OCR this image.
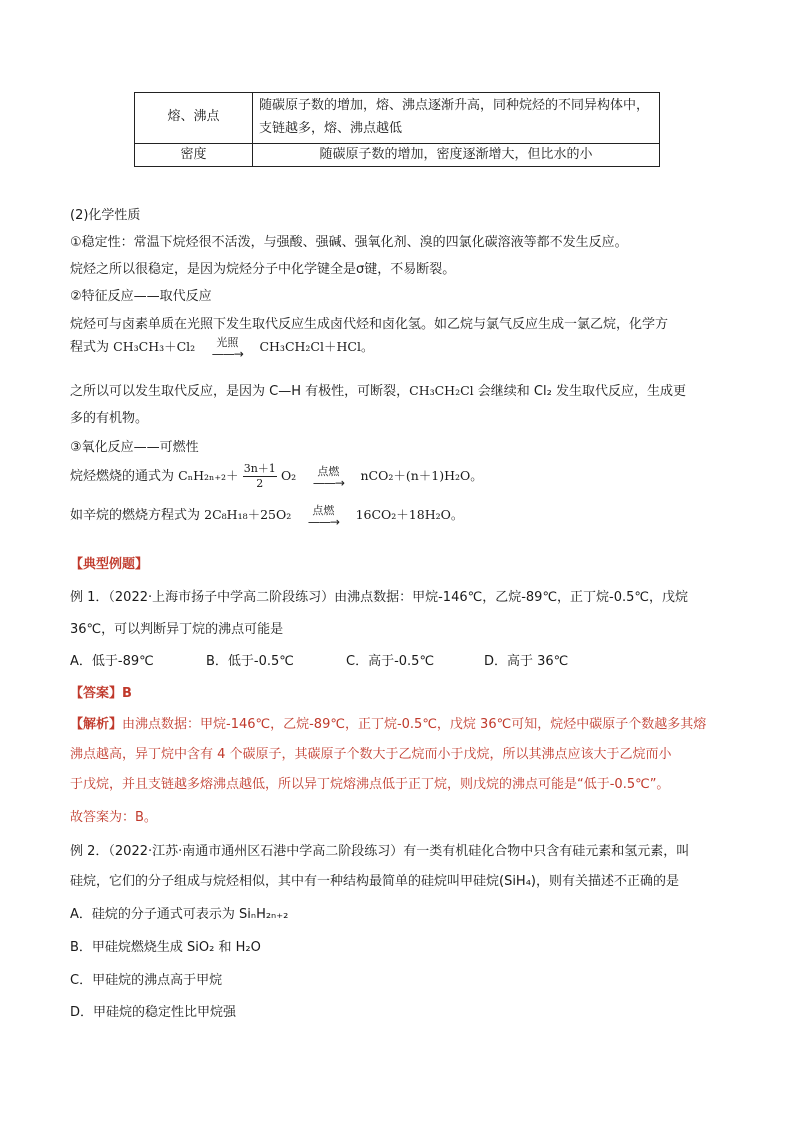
熔、沸点	随碳原子数的增加，熔、沸点逐渐升高，同种烷烃的不同异构体中，支链越多，熔、沸点越低
密度	随碳原子数的增加，密度逐渐增大，但比水的小
(2)化学性质
①稳定性：常温下烷烃很不活泼，与强酸、强碱、强氧化剂、溴的四氯化碳溶液等都不发生反应。
烷烃之所以很稳定，是因为烷烃分子中化学键全是σ键，不易断裂。
②特征反应——取代反应
烷烃可与卤素单质在光照下发生取代反应生成卤代烃和卤化氢。如乙烷与氯气反应生成一氯乙烷，化学方
程式为 CH₃CH₃＋Cl₂	光照
——→	CH₃CH₂Cl＋HCl。
之所以可以发生取代反应，是因为 C—H 有极性，可断裂，CH₃CH₂Cl 会继续和 Cl₂ 发生取代反应，生成更
多的有机物。
③氧化反应——可燃性
烷烃燃烧的通式为 $C_nH_{2n+2}+ \frac{3n+1}{2} O_2$	点燃
——→	nCO₂＋(n＋1)H₂O。
如辛烷的燃烧方程式为 2C₈H₁₈＋25O₂	点燃
——→	16CO₂＋18H₂O。
【典型例题】
例 1．（2022·上海市扬子中学高二阶段练习）由沸点数据：甲烷-146℃，乙烷-89℃，正丁烷-0.5℃，戊烷
36℃，可以判断异丁烷的沸点可能是
A．低于-89℃	B．低于-0.5℃	C．高于-0.5℃	D．高于 36℃
【答案】B
【解析】由沸点数据：甲烷-146℃，乙烷-89℃，正丁烷-0.5℃，戊烷 36℃可知，烷烃中碳原子个数越多其熔
沸点越高，异丁烷中含有 4 个碳原子，其碳原子个数大于乙烷而小于戊烷，所以其沸点应该大于乙烷而小
于戊烷，并且支链越多熔沸点越低，所以异丁烷熔沸点低于正丁烷，则戊烷的沸点可能是“低于-0.5℃”。
故答案为：B。
例 2．（2022·江苏·南通市通州区石港中学高二阶段练习）有一类有机硅化合物中只含有硅元素和氢元素，叫
硅烷，它们的分子组成与烷烃相似，其中有一种结构最简单的硅烷叫甲硅烷(SiH₄)，则有关描述不正确的是
A．硅烷的分子通式可表示为 SiₙH₂ₙ₊₂
B．甲硅烷燃烧生成 SiO₂ 和 H₂O
C．甲硅烷的沸点高于甲烷
D．甲硅烷的稳定性比甲烷强
